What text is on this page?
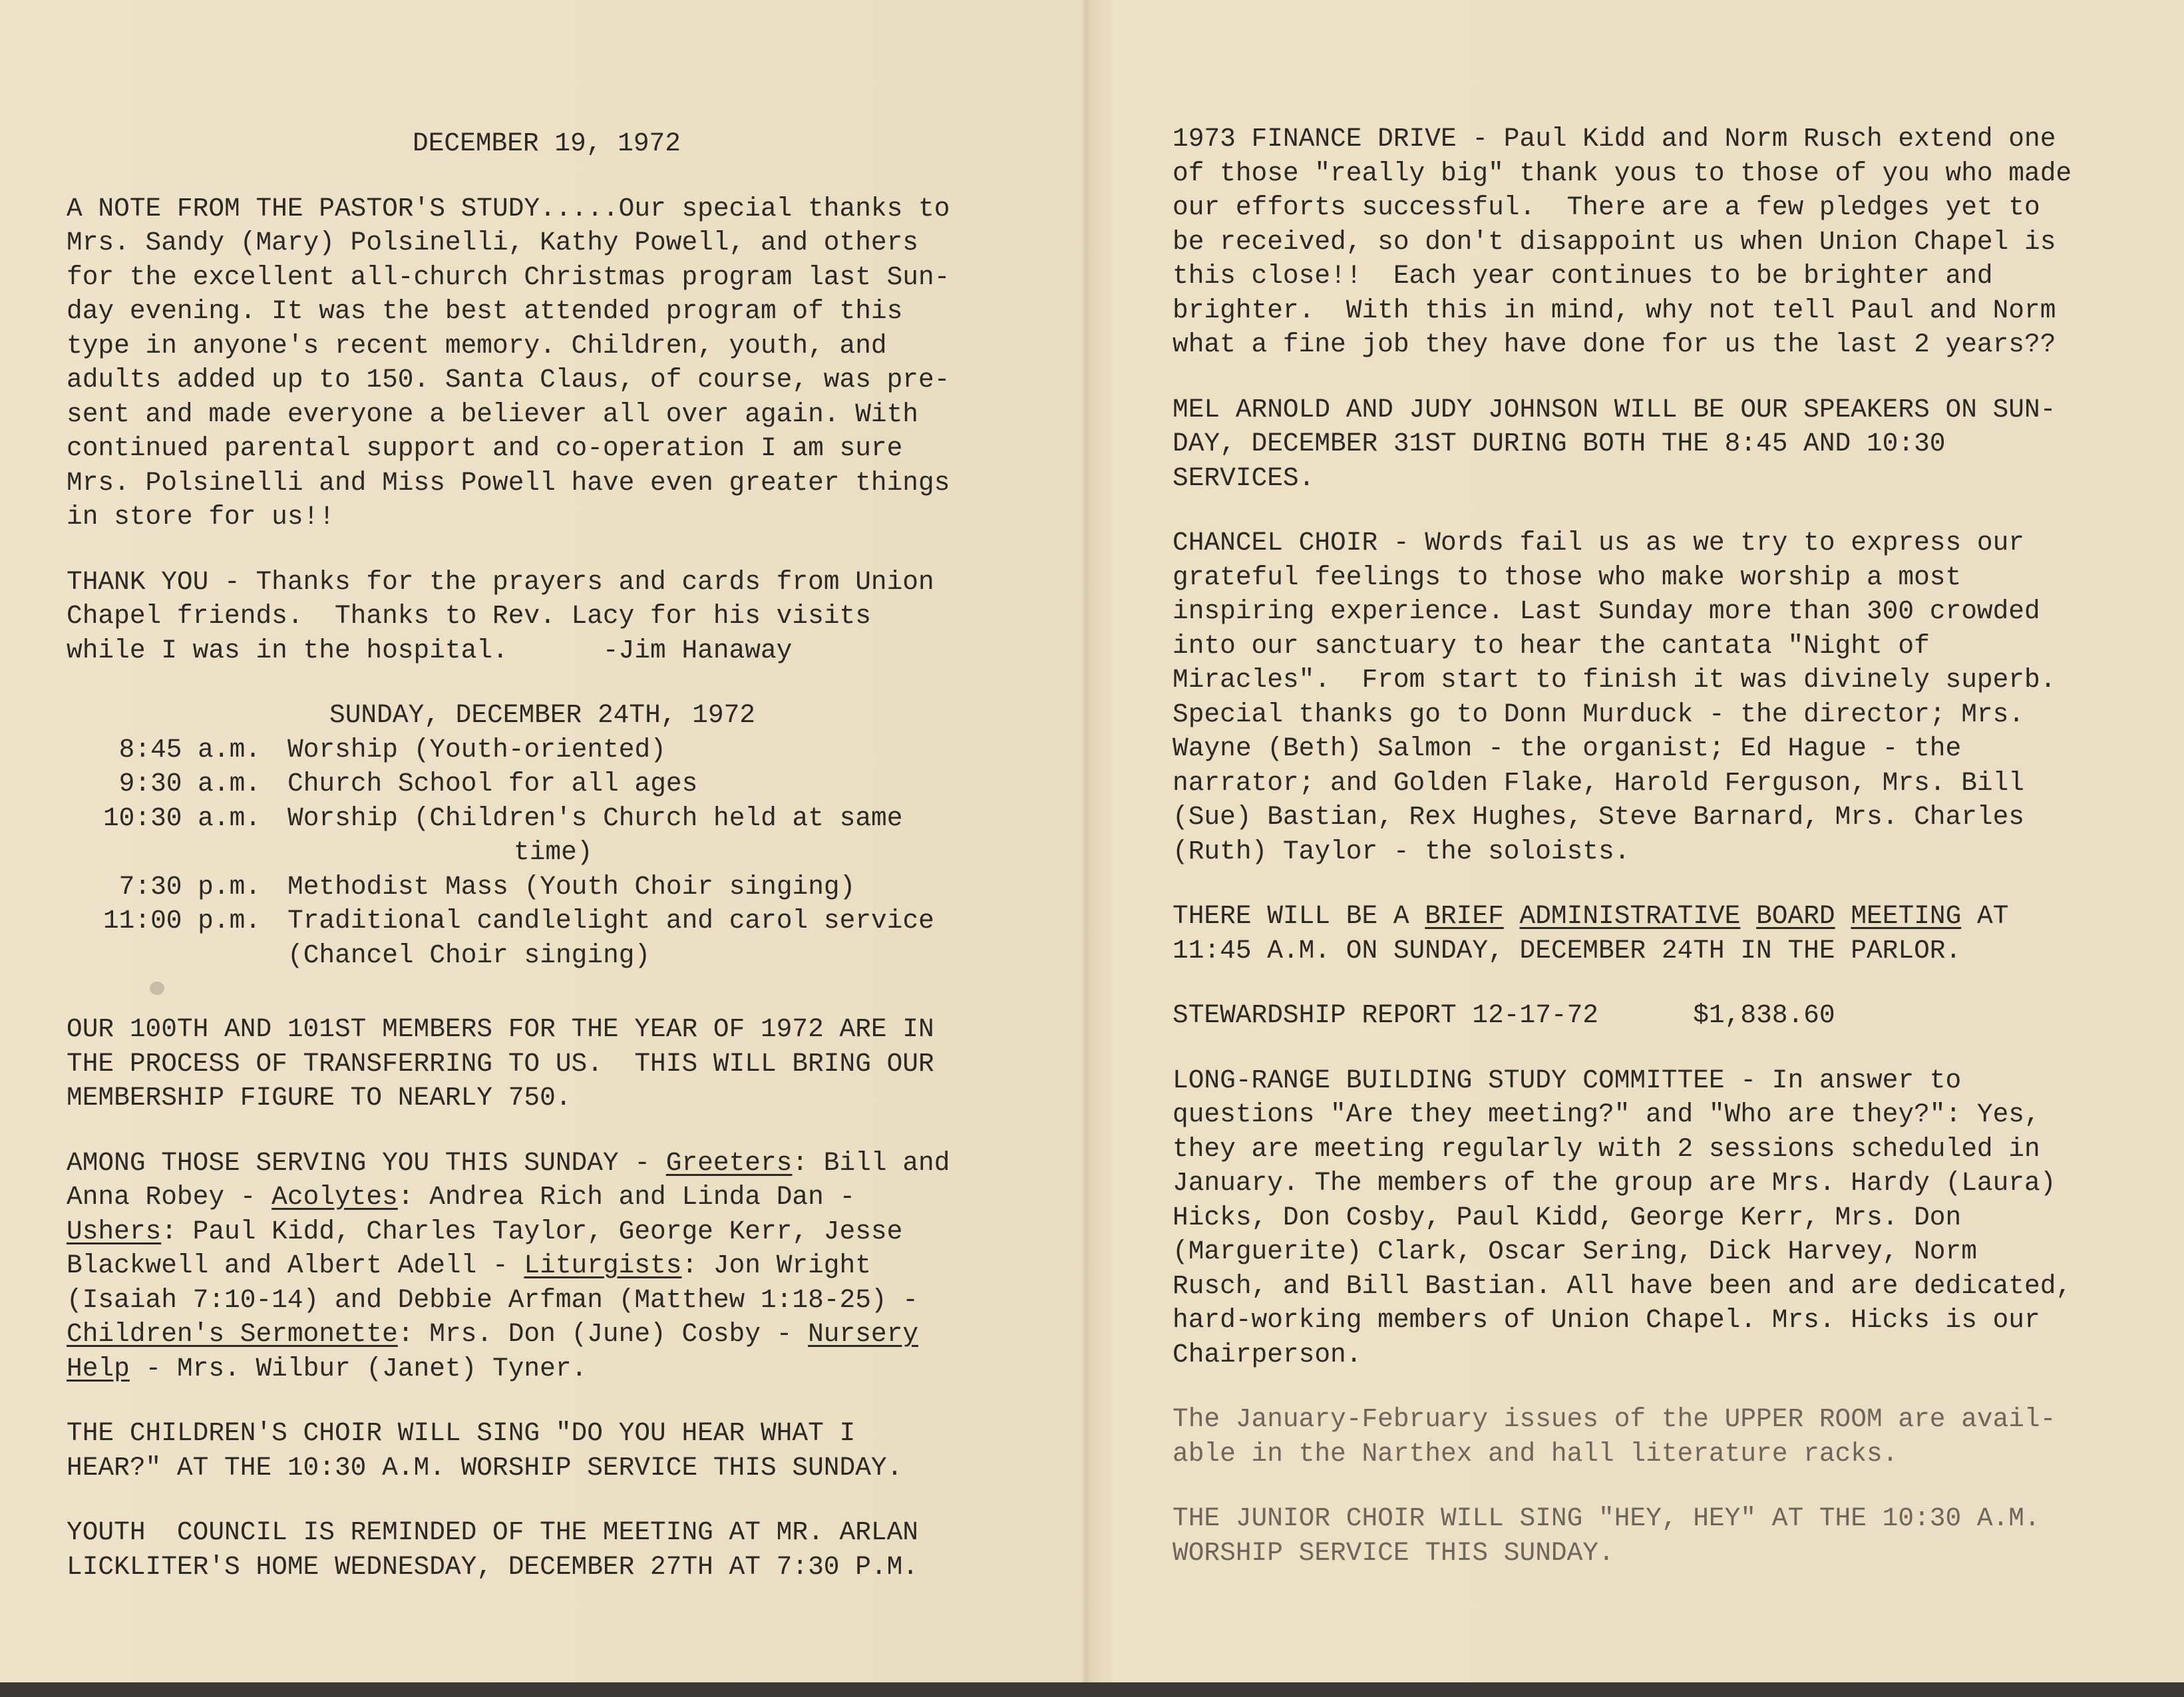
DECEMBER 19, 1972
A NOTE FROM THE PASTOR'S STUDY.....Our special thanks to
Mrs. Sandy (Mary) Polsinelli, Kathy Powell, and others
for the excellent all-church Christmas program last Sun-
day evening. It was the best attended program of this
type in anyone's recent memory. Children, youth, and
adults added up to 150. Santa Claus, of course, was pre-
sent and made everyone a believer all over again. With
continued parental support and co-operation I am sure
Mrs. Polsinelli and Miss Powell have even greater things
in store for us!!
THANK YOU - Thanks for the prayers and cards from Union
Chapel friends.  Thanks to Rev. Lacy for his visits
while I was in the hospital.      -Jim Hanaway
SUNDAY, DECEMBER 24TH, 1972
8:45 a.m.	Worship (Youth-oriented)
9:30 a.m.	Church School for all ages
10:30 a.m.	Worship (Children's Church held at same
time)
7:30 p.m.	Methodist Mass (Youth Choir singing)
11:00 p.m.	Traditional candlelight and carol service
(Chancel Choir singing)
OUR 100TH AND 101ST MEMBERS FOR THE YEAR OF 1972 ARE IN
THE PROCESS OF TRANSFERRING TO US.  THIS WILL BRING OUR
MEMBERSHIP FIGURE TO NEARLY 750.
AMONG THOSE SERVING YOU THIS SUNDAY - Greeters: Bill and
Anna Robey - Acolytes: Andrea Rich and Linda Dan -
Ushers: Paul Kidd, Charles Taylor, George Kerr, Jesse
Blackwell and Albert Adell - Liturgists: Jon Wright
(Isaiah 7:10-14) and Debbie Arfman (Matthew 1:18-25) -
Children's Sermonette: Mrs. Don (June) Cosby - Nursery
Help - Mrs. Wilbur (Janet) Tyner.
THE CHILDREN'S CHOIR WILL SING "DO YOU HEAR WHAT I
HEAR?" AT THE 10:30 A.M. WORSHIP SERVICE THIS SUNDAY.
YOUTH  COUNCIL IS REMINDED OF THE MEETING AT MR. ARLAN
LICKLITER'S HOME WEDNESDAY, DECEMBER 27TH AT 7:30 P.M.
1973 FINANCE DRIVE - Paul Kidd and Norm Rusch extend one
of those "really big" thank yous to those of you who made
our efforts successful.  There are a few pledges yet to
be received, so don't disappoint us when Union Chapel is
this close!!  Each year continues to be brighter and
brighter.  With this in mind, why not tell Paul and Norm
what a fine job they have done for us the last 2 years??
MEL ARNOLD AND JUDY JOHNSON WILL BE OUR SPEAKERS ON SUN-
DAY, DECEMBER 31ST DURING BOTH THE 8:45 AND 10:30
SERVICES.
CHANCEL CHOIR - Words fail us as we try to express our
grateful feelings to those who make worship a most
inspiring experience. Last Sunday more than 300 crowded
into our sanctuary to hear the cantata "Night of
Miracles".  From start to finish it was divinely superb.
Special thanks go to Donn Murduck - the director; Mrs.
Wayne (Beth) Salmon - the organist; Ed Hague - the
narrator; and Golden Flake, Harold Ferguson, Mrs. Bill
(Sue) Bastian, Rex Hughes, Steve Barnard, Mrs. Charles
(Ruth) Taylor - the soloists.
THERE WILL BE A BRIEF ADMINISTRATIVE BOARD MEETING AT
11:45 A.M. ON SUNDAY, DECEMBER 24TH IN THE PARLOR.
STEWARDSHIP REPORT 12-17-72	$1,838.60
LONG-RANGE BUILDING STUDY COMMITTEE - In answer to
questions "Are they meeting?" and "Who are they?": Yes,
they are meeting regularly with 2 sessions scheduled in
January. The members of the group are Mrs. Hardy (Laura)
Hicks, Don Cosby, Paul Kidd, George Kerr, Mrs. Don
(Marguerite) Clark, Oscar Sering, Dick Harvey, Norm
Rusch, and Bill Bastian. All have been and are dedicated,
hard-working members of Union Chapel. Mrs. Hicks is our
Chairperson.
The January-February issues of the UPPER ROOM are avail-
able in the Narthex and hall literature racks.
THE JUNIOR CHOIR WILL SING "HEY, HEY" AT THE 10:30 A.M.
WORSHIP SERVICE THIS SUNDAY.
